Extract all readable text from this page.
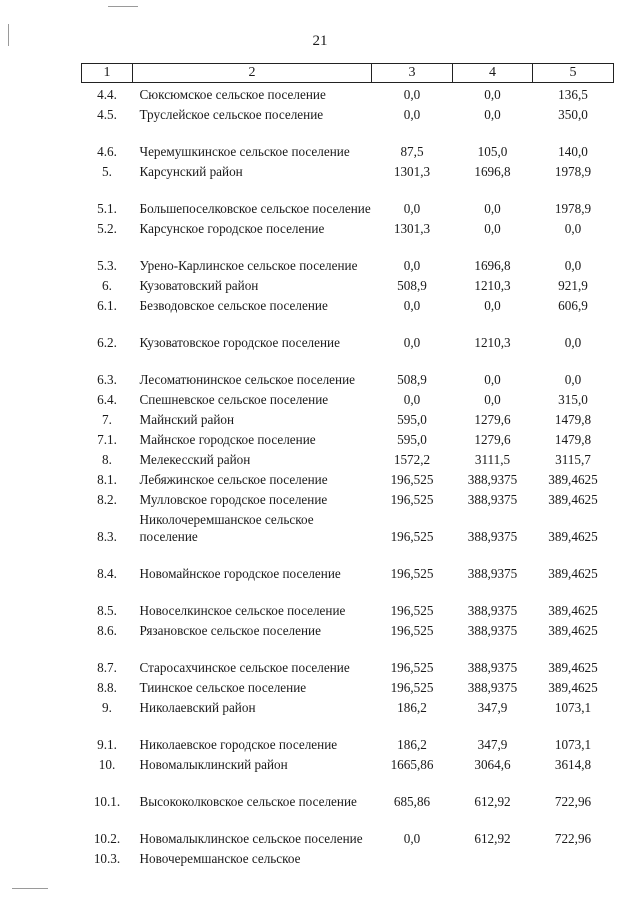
21
1	2	3	4	5
4.4.	Сюксюмское сельское поселение	0,0	0,0	136,5
4.5.	Труслейское сельское поселение	0,0	0,0	350,0
4.6.	Черемушкинское сельское поселение	87,5	105,0	140,0
5.	Карсунский район	1301,3	1696,8	1978,9
5.1.	Большепоселковское сельское поселение	0,0	0,0	1978,9
5.2.	Карсунское городское поселение	1301,3	0,0	0,0
5.3.	Урено-Карлинское сельское поселение	0,0	1696,8	0,0
6.	Кузоватовский район	508,9	1210,3	921,9
6.1.	Безводовское сельское поселение	0,0	0,0	606,9
6.2.	Кузоватовское городское поселение	0,0	1210,3	0,0
6.3.	Лесоматюнинское сельское поселение	508,9	0,0	0,0
6.4.	Спешневское сельское поселение	0,0	0,0	315,0
7.	Майнский район	595,0	1279,6	1479,8
7.1.	Майнское городское поселение	595,0	1279,6	1479,8
8.	Мелекесский район	1572,2	3111,5	3115,7
8.1.	Лебяжинское сельское поселение	196,525	388,9375	389,4625
8.2.	Мулловское городское поселение	196,525	388,9375	389,4625
8.3.	Николочеремшанское сельское поселение	196,525	388,9375	389,4625
8.4.	Новомайнское городское поселение	196,525	388,9375	389,4625
8.5.	Новоселкинское сельское поселение	196,525	388,9375	389,4625
8.6.	Рязановское сельское поселение	196,525	388,9375	389,4625
8.7.	Старосахчинское сельское поселение	196,525	388,9375	389,4625
8.8.	Тиинское сельское поселение	196,525	388,9375	389,4625
9.	Николаевский район	186,2	347,9	1073,1
9.1.	Николаевское городское поселение	186,2	347,9	1073,1
10.	Новомалыклинский район	1665,86	3064,6	3614,8
10.1.	Высококолковское сельское поселение	685,86	612,92	722,96
10.2.	Новомалыклинское сельское поселение	0,0	612,92	722,96
10.3.	Новочеремшанское сельское			
